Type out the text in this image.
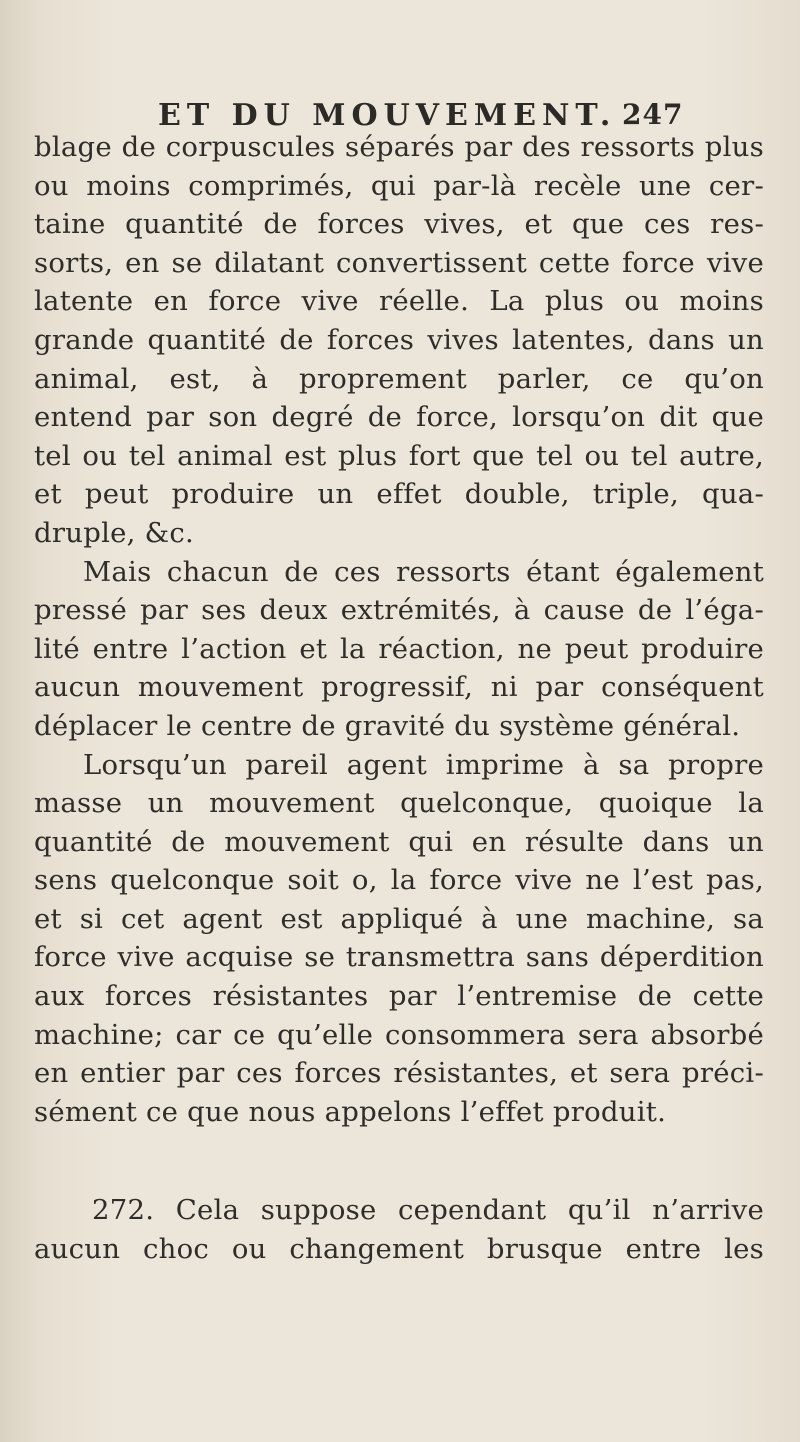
ET DU MOUVEMENT. 247
blage de corpuscules séparés par des ressorts plus
ou moins comprimés, qui par-là recèle une cer-
taine quantité de forces vives, et que ces res-
sorts, en se dilatant convertissent cette force vive
latente en force vive réelle. La plus ou moins
grande quantité de forces vives latentes, dans un
animal, est, à proprement parler, ce qu’on
entend par son degré de force, lorsqu’on dit que
tel ou tel animal est plus fort que tel ou tel autre,
et peut produire un effet double, triple, qua-
druple, &c.
Mais chacun de ces ressorts étant également
pressé par ses deux extrémités, à cause de l’éga-
lité entre l’action et la réaction, ne peut produire
aucun mouvement progressif, ni par conséquent
déplacer le centre de gravité du système général.
Lorsqu’un pareil agent imprime à sa propre
masse un mouvement quelconque, quoique la
quantité de mouvement qui en résulte dans un
sens quelconque soit o, la force vive ne l’est pas,
et si cet agent est appliqué à une machine, sa
force vive acquise se transmettra sans déperdition
aux forces résistantes par l’entremise de cette
machine; car ce qu’elle consommera sera absorbé
en entier par ces forces résistantes, et sera préci-
sément ce que nous appelons l’effet produit.
272. Cela suppose cependant qu’il n’arrive
aucun choc ou changement brusque entre les
